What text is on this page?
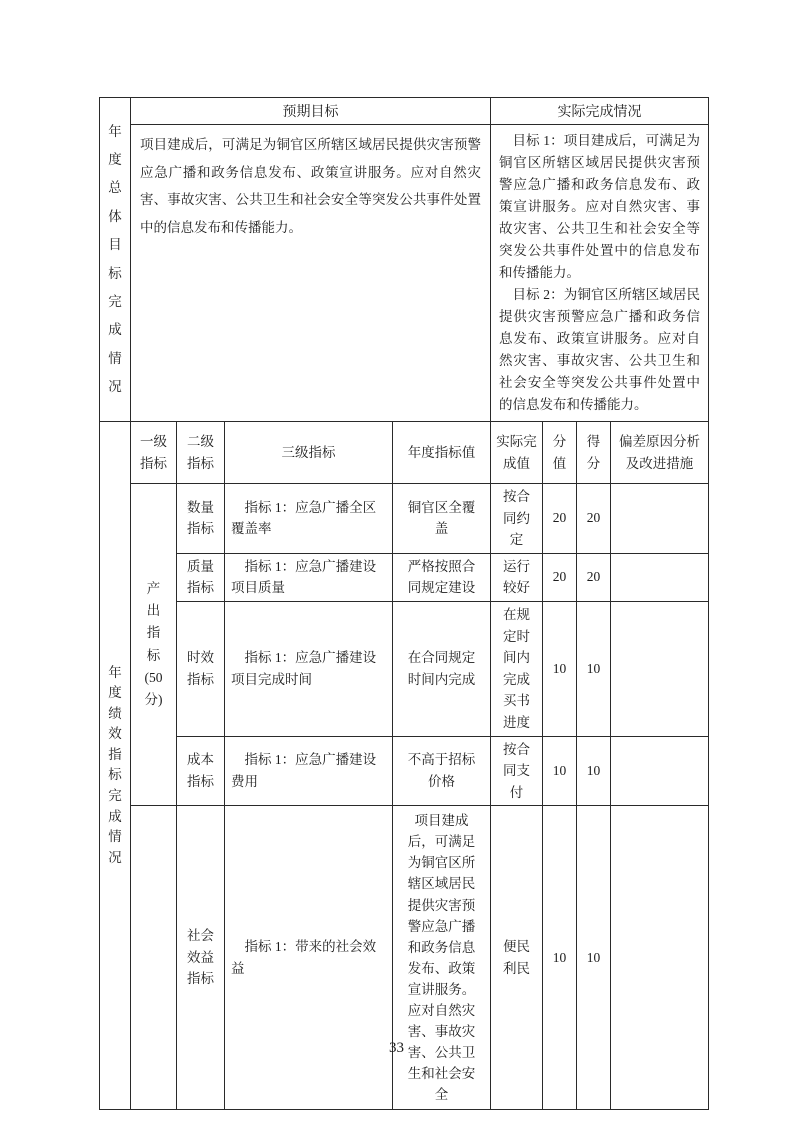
年度总体目标完成情况	预期目标				实际完成情况			
	项目建成后，可满足为铜官区所辖区域居民提供灾害预警应急广播和政务信息发布、政策宣讲服务。应对自然灾害、事故灾害、公共卫生和社会安全等突发公共事件处置中的信息发布和传播能力。				目标 1：项目建成后，可满足为铜官区所辖区域居民提供灾害预警应急广播和政务信息发布、政策宣讲服务。应对自然灾害、事故灾害、公共卫生和社会安全等突发公共事件处置中的信息发布和传播能力。
目标 2：为铜官区所辖区域居民提供灾害预警应急广播和政务信息发布、政策宣讲服务。应对自然灾害、事故灾害、公共卫生和社会安全等突发公共事件处置中的信息发布和传播能力。			

年度绩效指标完成情况	一级指标	二级指标	三级指标	年度指标值	实际完成值	分值	得分	偏差原因分析及改进措施

	产出指标(50分)	数量指标	指标 1：应急广播全区覆盖率	铜官区全覆盖	按合同约定	20	20	
		质量指标	指标 1：应急广播建设项目质量	严格按照合同规定建设	运行较好	20	20	
		时效指标	指标 1：应急广播建设项目完成时间	在合同规定时间内完成	在规定时间内完成买书进度	10	10	
		成本指标	指标 1：应急广播建设费用	不高于招标价格	按合同支付	10	10	
		社会效益指标	指标 1：带来的社会效益	项目建成后，可满足为铜官区所辖区域居民提供灾害预警应急广播和政务信息发布、政策宣讲服务。应对自然灾害、事故灾害、公共卫生和社会安全	便民利民	10	10	
33
